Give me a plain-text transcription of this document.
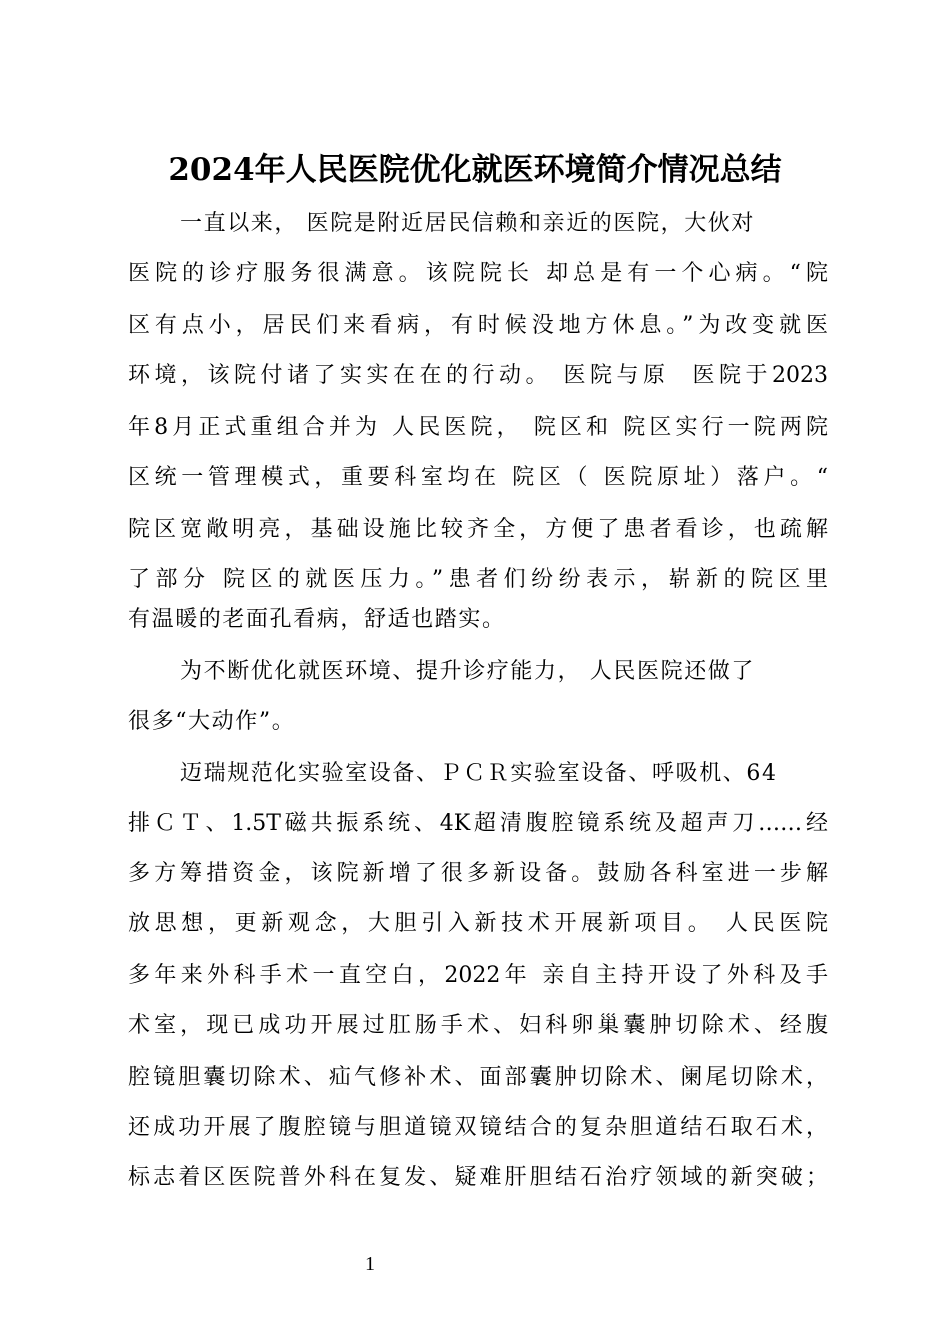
2024年人民医院优化就医环境简介情况总结
一直以来， 医院是附近居民信赖和亲近的医院，大伙对
医院的诊疗服务很满意。该院院长 却总是有一个心病。“院
区有点小，居民们来看病，有时候没地方休息。”为改变就医
环境，该院付诸了实实在在的行动。 医院与原  医院于2023
年8月正式重组合并为 人民医院， 院区和 院区实行一院两院
区统一管理模式，重要科室均在 院区（ 医院原址）落户。“
院区宽敞明亮，基础设施比较齐全，方便了患者看诊，也疏解
了部分 院区的就医压力。”患者们纷纷表示，崭新的院区里
有温暖的老面孔看病，舒适也踏实。
为不断优化就医环境、提升诊疗能力， 人民医院还做了
很多“大动作”。
迈瑞规范化实验室设备、ＰＣＲ实验室设备、呼吸机、64
排ＣＴ、1.5T磁共振系统、4K超清腹腔镜系统及超声刀……经
多方筹措资金，该院新增了很多新设备。鼓励各科室进一步解
放思想，更新观念，大胆引入新技术开展新项目。 人民医院
多年来外科手术一直空白，2022年 亲自主持开设了外科及手
术室，现已成功开展过肛肠手术、妇科卵巢囊肿切除术、经腹
腔镜胆囊切除术、疝气修补术、面部囊肿切除术、阑尾切除术，
还成功开展了腹腔镜与胆道镜双镜结合的复杂胆道结石取石术，
标志着区医院普外科在复发、疑难肝胆结石治疗领域的新突破；
1
